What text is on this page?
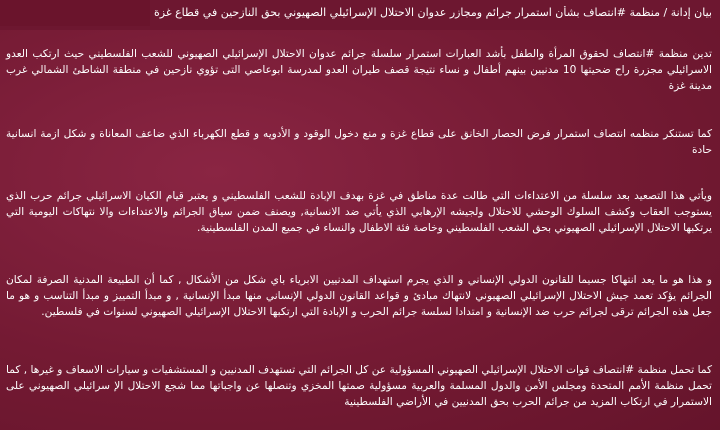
بيان إدانة / منظمة #انتصاف بشأن استمرار جرائم ومجازر عدوان الاحتلال الإسرائيلي الصهيوني بحق النازحين في قطاع غزة

تدين منظمة #انتصاف لحقوق المرأة والطفل بأشد العبارات استمرار سلسلة جرائم عدوان الاحتلال الإسرائيلي الصهيوني للشعب الفلسطيني حيث ارتكب العدو الاسرائيلي مجزرة راح ضحيتها 10 مدنيين بينهم أطفال و نساء نتيجة قصف طيران العدو لمدرسة ابوعاصي التى تؤوي نازحين في منطقة الشاطئ الشمالي غرب مدينة غزة

كما تستنكر منظمه انتصاف استمرار فرض الحصار الخانق على قطاع غزة و منع دخول الوقود و الأدويه و قطع الكهرباء الذي ضاعف المعاناة و شكل ازمة انسانية حادة

ويأتي هذا التصعيد بعد سلسلة من الاعتداءات التي طالت عدة مناطق في غزة بهدف الإبادة للشعب الفلسطيني و يعتبر قيام الكيان الاسرائيلي جرائم حرب الذي يستوجب العقاب وكشف السلوك الوحشي للاحتلال ولجيشه الإرهابي الذي يأتي ضد الانسانية, ويصنف ضمن سياق الجرائم والاعتداءات والا نتهاكات اليومية التي يرتكبها الاحتلال الإسرائيلي الصهيوني بحق الشعب الفلسطيني وخاصة فئة الاطفال والنساء في جميع المدن الفلسطينية.

و هذا هو ما يعد انتهاكا جسيما للقانون الدولي الإنساني و الذي يجرم استهداف المدنيين الابرياء باي شكل من الأشكال , كما أن الطبيعة المدنية الصرفة لمكان الجرائم يؤكد تعمد جيش الاحتلال الإسرائيلي الصهيوني لانتهاك مبادئ و قواعد القانون الدولي الإنساني منها مبدأ الإنسانية , و مبدأ التمييز و مبدأ التناسب و هو ما جعل هذه الجرائم ترقى لجرائم حرب ضد الإنسانية و امتدادا لسلسة جرائم الحرب و الإبادة التي ارتكبها الاحتلال الإسرائيلي الصهيوني لسنوات في فلسطين.

كما تحمل منظمة #انتصاف قوات الاحتلال الإسرائيلي الصهيوني المسؤولية عن كل الجرائم التي تستهدف المدنيين و المستشفيات و سيارات الاسعاف و غيرها , كما تحمل منظمة الأمم المتحدة ومجلس الأمن والدول المسلمة والعربية مسؤولية صمتها المخزي وتنصلها عن واجباتها مما شجع الاحتلال الإ سرائيلي الصهيوني على الاستمرار في ارتكاب المزيد من جرائم الحرب بحق المدنيين في الأراضي الفلسطينية
